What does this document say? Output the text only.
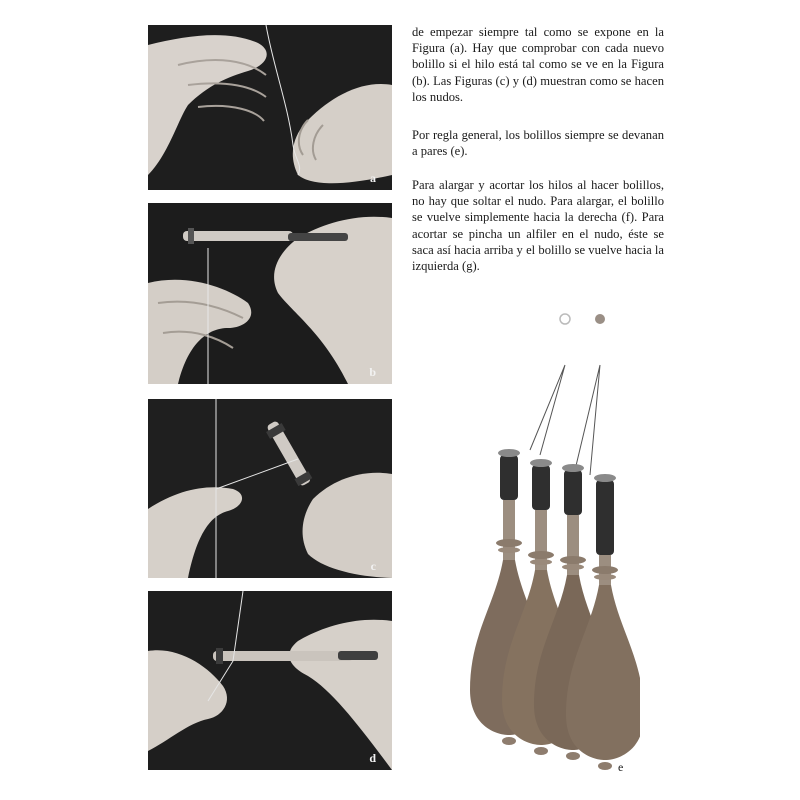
a
b
c
d

de empezar siempre tal como se expone en la Figura (a). Hay que comprobar con cada nuevo bolillo si el hilo está tal como se ve en la Figura (b). Las Figuras (c) y (d) muestran como se hacen los nudos.

Por regla general, los bolillos siempre se devanan a pares (e).

Para alargar y acortar los hilos al hacer bolillos, no hay que soltar el nudo. Para alargar, el bolillo se vuelve simplemente hacia la derecha (f). Para acortar se pincha un alfiler en el nudo, éste se saca así hacia arriba y el bolillo se vuelve hacia la izquierda (g).

e
